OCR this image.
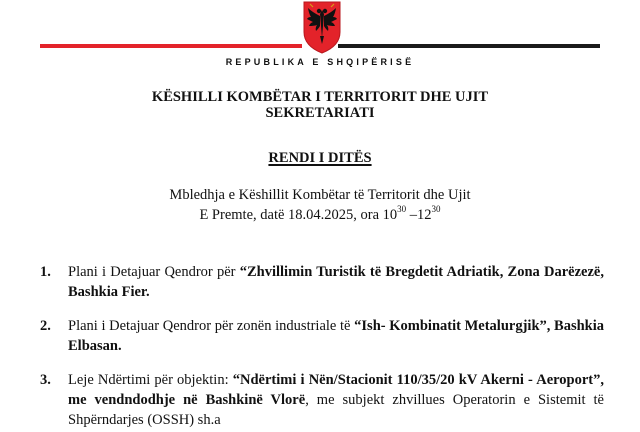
REPUBLIKA E SHQIPËRISË
KËSHILLI KOMBËTAR I TERRITORIT DHE UJIT
SEKRETARIATI
RENDI I DITËS
Mbledhja e Këshillit Kombëtar të Territorit dhe Ujit
E Premte, datë 18.04.2025, ora $10^{30}$ $-12^{30}$
1. Plani i Detajuar Qendror për “Zhvillimin Turistik të Bregdetit Adriatik, Zona Darëzezë, Bashkia Fier.
2. Plani i Detajuar Qendror për zonën industriale të “Ish- Kombinatit Metalurgjik”, Bashkia Elbasan.
3. Leje Ndërtimi për objektin: “Ndërtimi i Nën/Stacionit 110/35/20 kV Akerni - Aeroport”, me vendndodhje në Bashkinë Vlorë, me subjekt zhvillues Operatorin e Sistemit të Shpërndarjes (OSSH) sh.a
